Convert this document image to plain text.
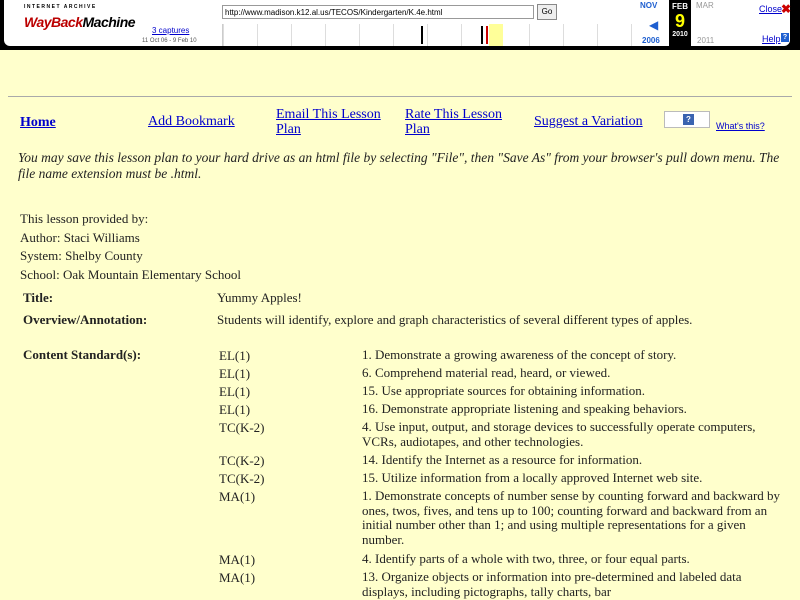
INTERNET ARCHIVE
WayBackMachine
http://www.madison.k12.al.us/TECOS/Kindergarten/K.4e.html	Go
3 captures
11 Oct 06 - 9 Feb 10
NOV
◀
2006
FEB
9
2010
MAR
2011
Close
✖
Help ?
Home	Add Bookmark	Email This Lesson
Plan
Rate This Lesson
Plan
Suggest a Variation	?
What's this?
You may save this lesson plan to your hard drive as an html file by selecting "File", then "Save As" from your browser's pull down menu. The file name extension must be .html.
This lesson provided by:
Author: Staci Williams
System: Shelby County
School: Oak Mountain Elementary School
Title:	Yummy Apples!
Overview/Annotation:	Students will identify, explore and graph characteristics of several different types of apples.
Content Standard(s):	EL(1)	1. Demonstrate a growing awareness of the concept of story.
EL(1)	6. Comprehend material read, heard, or viewed.
EL(1)	15. Use appropriate sources for obtaining information.
EL(1)	16. Demonstrate appropriate listening and speaking behaviors.
TC(K-2)	4. Use input, output, and storage devices to successfully operate computers, VCRs, audiotapes, and other technologies.
TC(K-2)	14. Identify the Internet as a resource for information.
TC(K-2)	15. Utilize information from a locally approved Internet web site.
MA(1)	1. Demonstrate concepts of number sense by counting forward and backward by ones, twos, fives, and tens up to 100; counting forward and backward from an initial number other than 1; and using multiple representations for a given number.
MA(1)	4. Identify parts of a whole with two, three, or four equal parts.
MA(1)	13. Organize objects or information into pre-determined and labeled data displays, including pictographs, tally charts, bar
